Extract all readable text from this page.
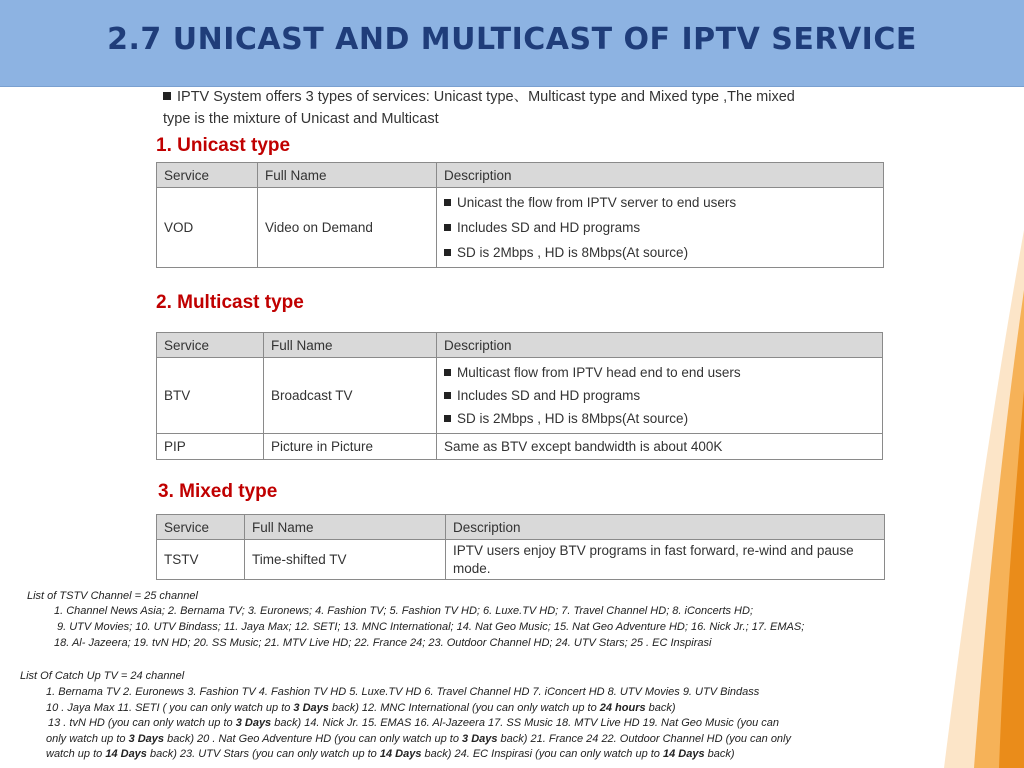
2.7 UNICAST AND MULTICAST OF IPTV SERVICE
IPTV System offers 3 types of services: Unicast type、Multicast type and Mixed type ,The mixed
type is the mixture of Unicast and Multicast
1. Unicast type
Service	Full Name	Description
VOD	Video on Demand	Unicast the flow from IPTV server to end users
Includes SD and HD programs
SD is 2Mbps , HD is 8Mbps(At source)
2. Multicast type
Service	Full Name	Description
BTV	Broadcast TV	Multicast flow from IPTV head end to end users
Includes SD and HD programs
SD is 2Mbps , HD is 8Mbps(At source)

PIP	Picture in Picture	Same as BTV except bandwidth is about 400K
3. Mixed type
Service	Full Name	Description
TSTV	Time-shifted TV	IPTV users enjoy BTV programs in fast forward, re-wind and pause
mode.
List of TSTV Channel = 25 channel
1. Channel News Asia; 2. Bernama TV; 3. Euronews; 4. Fashion TV; 5. Fashion TV HD; 6. Luxe.TV HD; 7. Travel Channel HD; 8. iConcerts HD;
9. UTV Movies; 10. UTV Bindass; 11. Jaya Max; 12. SETI; 13. MNC International; 14. Nat Geo Music; 15. Nat Geo Adventure HD; 16. Nick Jr.; 17. EMAS;
18. Al- Jazeera; 19. tvN HD; 20. SS Music; 21. MTV Live HD; 22. France 24; 23. Outdoor Channel HD; 24. UTV Stars; 25 . EC Inspirasi
List Of Catch Up TV = 24 channel
1. Bernama TV 2. Euronews 3. Fashion TV 4. Fashion TV HD 5. Luxe.TV HD 6. Travel Channel HD 7. iConcert HD 8. UTV Movies 9. UTV Bindass
10 . Jaya Max 11. SETI ( you can only watch up to 3 Days back) 12. MNC International (you can only watch up to 24 hours back)
13 . tvN HD (you can only watch up to 3 Days back) 14. Nick Jr. 15. EMAS 16. Al-Jazeera 17. SS Music 18. MTV Live HD 19. Nat Geo Music (you can
only watch up to 3 Days back) 20 . Nat Geo Adventure HD (you can only watch up to 3 Days back) 21. France 24 22. Outdoor Channel HD (you can only
watch up to 14 Days back) 23. UTV Stars (you can only watch up to 14 Days back) 24. EC Inspirasi (you can only watch up to 14 Days back)
